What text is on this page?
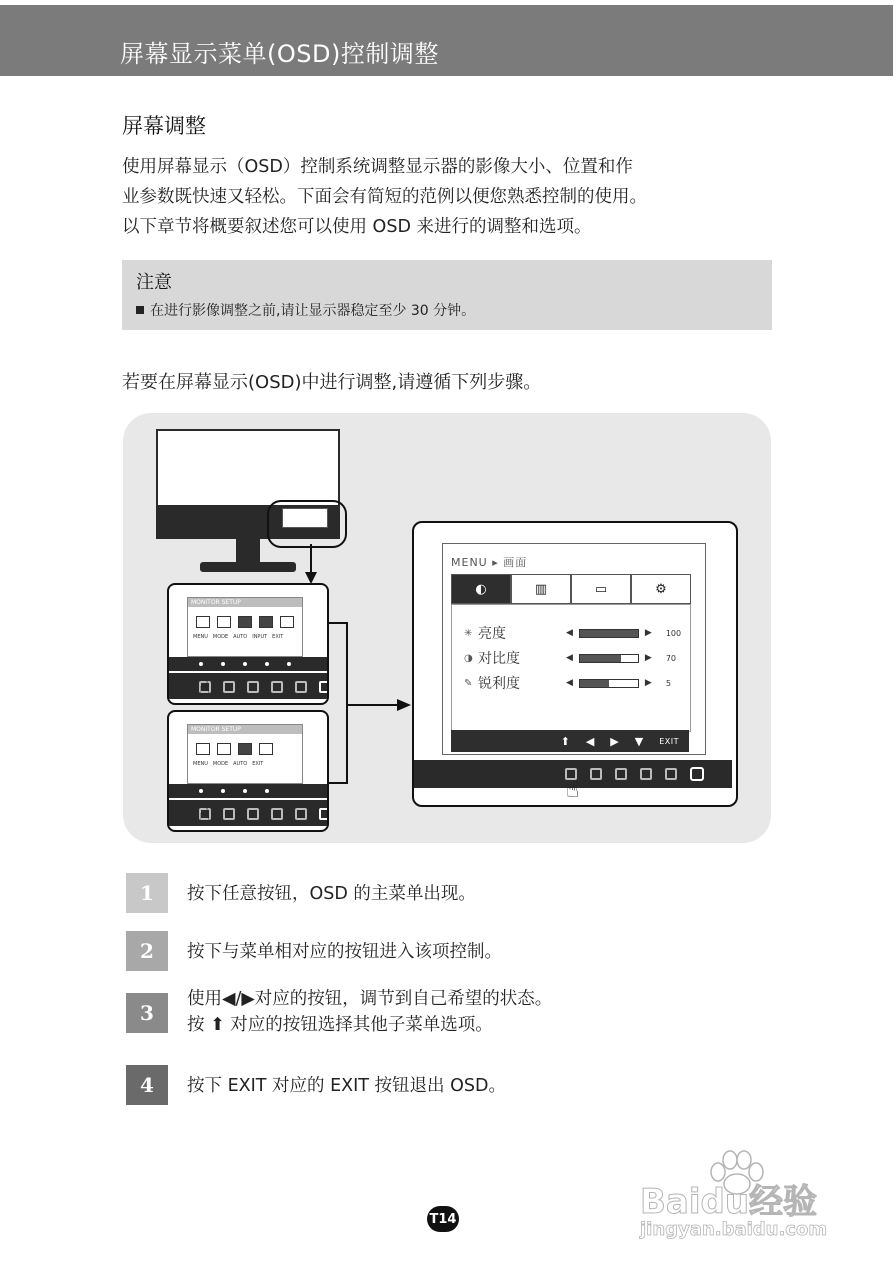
屏幕显示菜单(OSD)控制调整
屏幕调整

使用屏幕显示（OSD）控制系统调整显示器的影像大小、位置和作

业参数既快速又轻松。下面会有简短的范例以便您熟悉控制的使用。

以下章节将概要叙述您可以使用 OSD 来进行的调整和选项。

注意
在进行影像调整之前,请让显示器稳定至少 30 分钟。
若要在屏幕显示(OSD)中进行调整,请遵循下列步骤。
MONITOR SETUP
MENU MODE AUTO INPUT EXIT
☝
MONITOR SETUP
MENU MODE AUTO EXIT
☝
MENU ▸ 画面
◐	▥	▭	⚙
✳ 亮度	◀	▶ 100
◑ 对比度	◀	▶ 70
✎ 锐利度	◀	▶ 5
⬆ ◀ ▶ ▼ EXIT
☝
1	按下任意按钮，OSD 的主菜单出现。
2	按下与菜单相对应的按钮进入该项控制。
3
使用◀/▶对应的按钮，调节到自己希望的状态。
按 ⬆ 对应的按钮选择其他子菜单选项。
4	按下 EXIT 对应的 EXIT 按钮退出 OSD。
T14	Baidu经验
jingyan.baidu.com
